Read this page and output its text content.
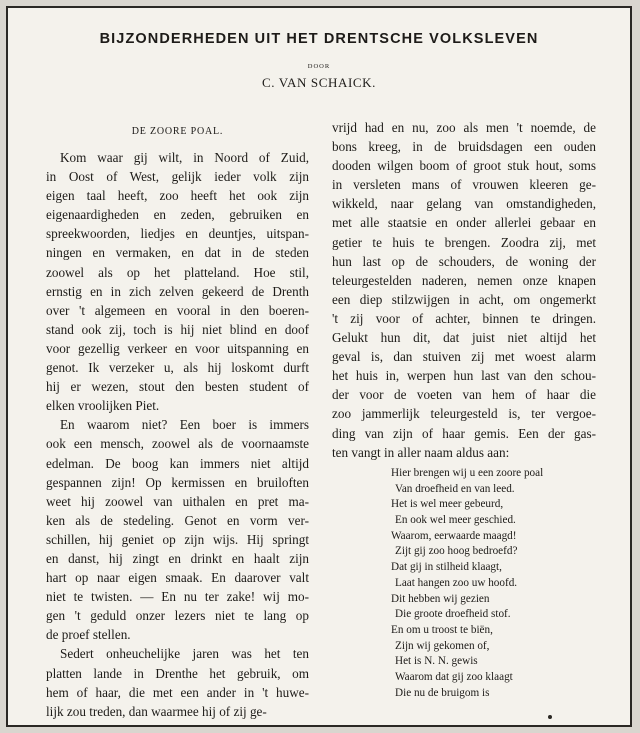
BIJZONDERHEDEN UIT HET DRENTSCHE VOLKSLEVEN
DOOR
C. VAN SCHAICK.
DE ZOORE POAL.
Kom waar gij wilt, in Noord of Zuid,
in Oost of West, gelijk ieder volk zijn
eigen taal heeft, zoo heeft het ook zijn
eigenaardigheden en zeden, gebruiken en
spreekwoorden, liedjes en deuntjes, uitspan-
ningen en vermaken, en dat in de steden
zoowel als op het platteland. Hoe stil,
ernstig en in zich zelven gekeerd de Drenth
over 't algemeen en vooral in den boeren-
stand ook zij, toch is hij niet blind en doof
voor gezellig verkeer en voor uitspanning en
genot. Ik verzeker u, als hij loskomt durft
hij er wezen, stout den besten student of
elken vroolijken Piet.
En waarom niet? Een boer is immers
ook een mensch, zoowel als de voornaamste
edelman. De boog kan immers niet altijd
gespannen zijn! Op kermissen en bruiloften
weet hij zoowel van uithalen en pret ma-
ken als de stedeling. Genot en vorm ver-
schillen, hij geniet op zijn wijs. Hij springt
en danst, hij zingt en drinkt en haalt zijn
hart op naar eigen smaak. En daarover valt
niet te twisten. — En nu ter zake! wij mo-
gen 't geduld onzer lezers niet te lang op
de proef stellen.
Sedert onheuchelijke jaren was het ten
platten lande in Drenthe het gebruik, om
hem of haar, die met een ander in 't huwe-
lijk zou treden, dan waarmee hij of zij ge-
vrijd had en nu, zoo als men 't noemde, de
bons kreeg, in de bruidsdagen een ouden
dooden wilgen boom of groot stuk hout, soms
in versleten mans of vrouwen kleeren ge-
wikkeld, naar gelang van omstandigheden,
met alle staatsie en onder allerlei gebaar en
getier te huis te brengen. Zoodra zij, met
hun last op de schouders, de woning der
teleurgestelden naderen, nemen onze knapen
een diep stilzwijgen in acht, om ongemerkt
't zij voor of achter, binnen te dringen.
Gelukt hun dit, dat juist niet altijd het
geval is, dan stuiven zij met woest alarm
het huis in, werpen hun last van den schou-
der voor de voeten van hem of haar die
zoo jammerlijk teleurgesteld is, ter vergoe-
ding van zijn of haar gemis. Een der gas-
ten vangt in aller naam aldus aan:
Hier brengen wij u een zoore poal
Van droefheid en van leed.
Het is wel meer gebeurd,
En ook wel meer geschied.
Waarom, eerwaarde maagd!
Zijt gij zoo hoog bedroefd?
Dat gij in stilheid klaagt,
Laat hangen zoo uw hoofd.
Dit hebben wij gezien
Die groote droefheid stof.
En om u troost te biën,
Zijn wij gekomen of,
Het is N. N. gewis
Waarom dat gij zoo klaagt
Die nu de bruigom is
